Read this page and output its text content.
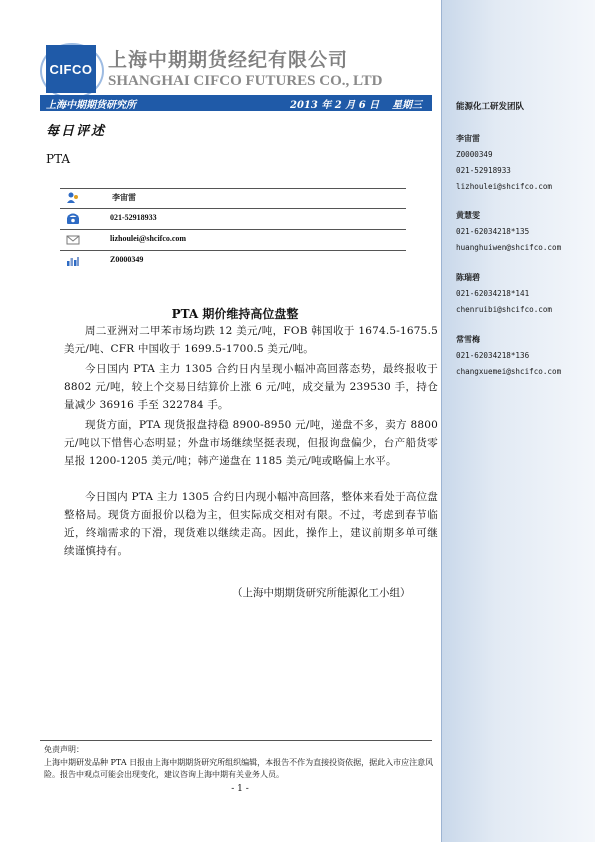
CIFCO 上海中期期货经纪有限公司
SHANGHAI CIFCO FUTURES CO., LTD
上海中期期货研究所	2013 年 2 月 6 日 星期三
每日评述
PTA
李宙雷
021-52918933
lizhoulei@shcifco.com
Z0000349
PTA 期价维持高位盘整

周二亚洲对二甲苯市场均跌 12 美元/吨，FOB 韩国收于 1674.5-1675.5 美元/吨、CFR 中国收于 1699.5-1700.5 美元/吨。

今日国内 PTA 主力 1305 合约日内呈现小幅冲高回落态势，最终报收于 8802 元/吨，较上个交易日结算价上涨 6 元/吨，成交量为 239530 手，持仓量减少 36916 手至 322784 手。

现货方面，PTA 现货报盘持稳 8900-8950 元/吨，递盘不多，卖方 8800 元/吨以下惜售心态明显；外盘市场继续坚挺表现，但报询盘偏少，台产船货零星报 1200-1205 美元/吨；韩产递盘在 1185 美元/吨或略偏上水平。

今日国内 PTA 主力 1305 合约日内现小幅冲高回落，整体来看处于高位盘整格局。现货方面报价以稳为主，但实际成交相对有限。不过，考虑到春节临近，终端需求的下滑，现货难以继续走高。因此，操作上，建议前期多单可继续谨慎持有。

（上海中期期货研究所能源化工小组）
免责声明：

上海中期研发品种 PTA 日报由上海中期期货研究所组织编辑，本报告不作为直接投资依据，据此入市应注意风险。报告中观点可能会出现变化，建议咨询上海中期有关业务人员。

- 1 -
能源化工研发团队
李宙雷
Z0000349
021-52918933
lizhoulei@shcifco.com
黄慧雯
021-62034218*135
huanghuiwen@shcifco.com
陈瑞碧
021-62034218*141
chenruibi@shcifco.com
常雪梅
021-62034218*136
changxuemei@shcifco.com
